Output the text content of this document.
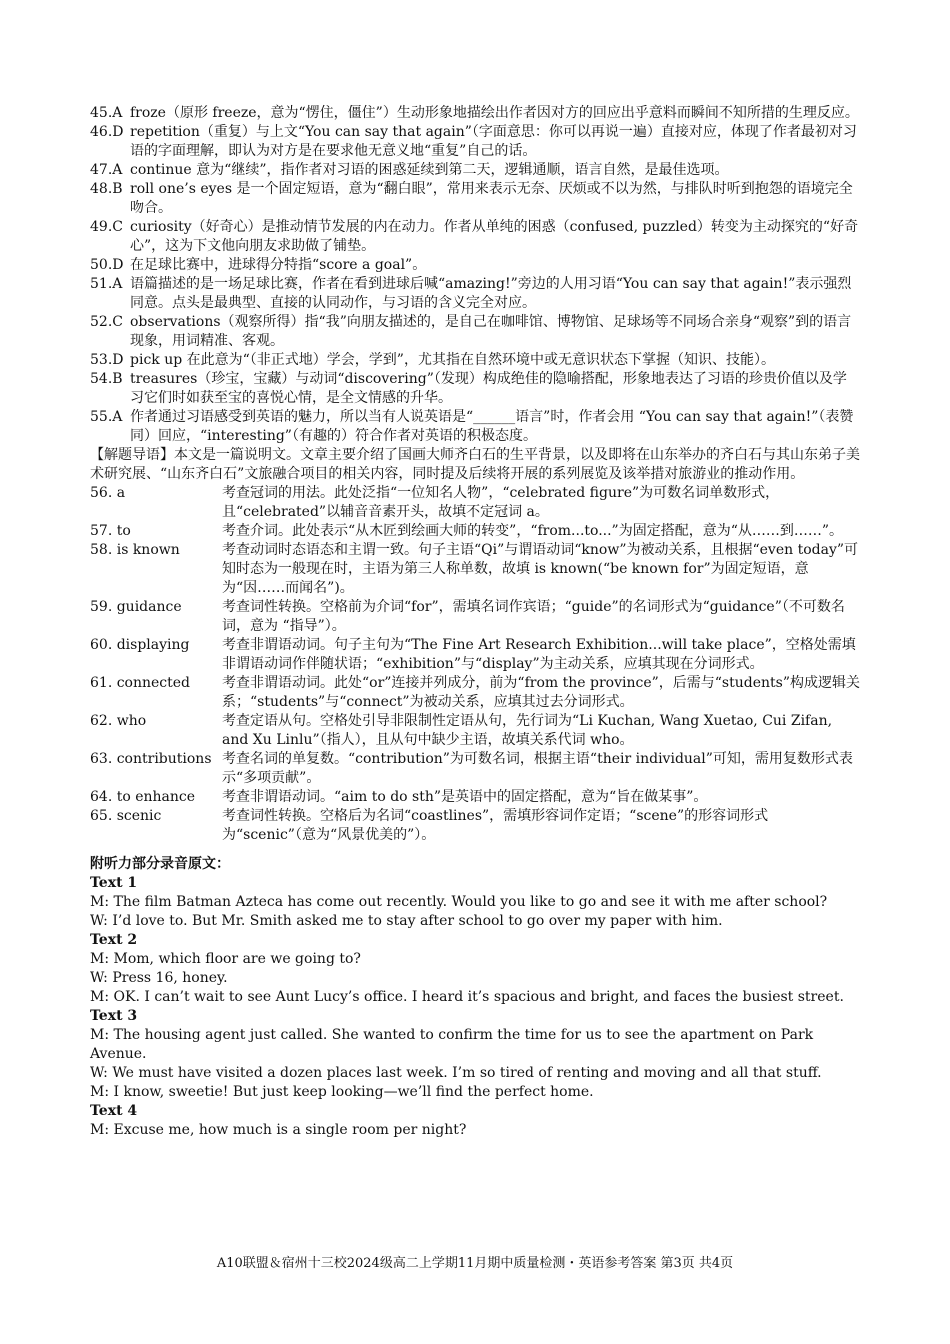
45.A froze（原形 freeze，意为“愣住，僵住”）生动形象地描绘出作者因对方的回应出乎意料而瞬间不知所措的生理反应。
46.D repetition（重复）与上文“You can say that again”（字面意思：你可以再说一遍）直接对应，体现了作者最初对习语的字面理解，即认为对方是在要求他无意义地“重复”自己的话。
47.A continue 意为“继续”，指作者对习语的困惑延续到第二天，逻辑通顺，语言自然，是最佳选项。
48.B roll one’s eyes 是一个固定短语，意为“翻白眼”，常用来表示无奈、厌烦或不以为然，与排队时听到抱怨的语境完全吻合。
49.C curiosity（好奇心）是推动情节发展的内在动力。作者从单纯的困惑（confused, puzzled）转变为主动探究的“好奇心”，这为下文他向朋友求助做了铺垫。
50.D 在足球比赛中，进球得分特指“score a goal”。
51.A 语篇描述的是一场足球比赛，作者在看到进球后喊“amazing!”旁边的人用习语“You can say that again!”表示强烈同意。点头是最典型、直接的认同动作，与习语的含义完全对应。
52.C observations（观察所得）指“我”向朋友描述的，是自己在咖啡馆、博物馆、足球场等不同场合亲身“观察”到的语言现象，用词精准、客观。
53.D pick up 在此意为“（非正式地）学会，学到”，尤其指在自然环境中或无意识状态下掌握（知识、技能）。
54.B treasures（珍宝，宝藏）与动词“discovering”（发现）构成绝佳的隐喻搭配，形象地表达了习语的珍贵价值以及学习它们时如获至宝的喜悦心情，是全文情感的升华。
55.A 作者通过习语感受到英语的魅力，所以当有人说英语是“______语言”时，作者会用 “You can say that again!”（表赞同）回应，“interesting”（有趣的）符合作者对英语的积极态度。
【解题导语】本文是一篇说明文。文章主要介绍了国画大师齐白石的生平背景，以及即将在山东举办的齐白石与其山东弟子美术研究展、“山东齐白石”文旅融合项目的相关内容，同时提及后续将开展的系列展览及该举措对旅游业的推动作用。
56. a	考查冠词的用法。此处泛指“一位知名人物”，“celebrated figure”为可数名词单数形式，且“celebrated”以辅音音素开头，故填不定冠词 a。
57. to	考查介词。此处表示“从木匠到绘画大师的转变”，“from...to...”为固定搭配，意为“从……到……”。
58. is known	考查动词时态语态和主谓一致。句子主语“Qi”与谓语动词“know”为被动关系，且根据“even today”可知时态为一般现在时，主语为第三人称单数，故填 is known(“be known for”为固定短语，意为“因……而闻名”)。
59. guidance	考查词性转换。空格前为介词“for”，需填名词作宾语；“guide”的名词形式为“guidance”（不可数名词，意为 “指导”）。
60. displaying	考查非谓语动词。句子主句为“The Fine Art Research Exhibition...will take place”，空格处需填非谓语动词作伴随状语；“exhibition”与“display”为主动关系，应填其现在分词形式。
61. connected	考查非谓语动词。此处“or”连接并列成分，前为“from the province”，后需与“students”构成逻辑关系；“students”与“connect”为被动关系，应填其过去分词形式。
62. who	考查定语从句。空格处引导非限制性定语从句，先行词为“Li Kuchan, Wang Xuetao, Cui Zifan, and Xu Linlu”（指人），且从句中缺少主语，故填关系代词 who。
63. contributions 考查名词的单复数。“contribution”为可数名词，根据主语“their individual”可知，需用复数形式表示“多项贡献”。
64. to enhance	考查非谓语动词。“aim to do sth”是英语中的固定搭配，意为“旨在做某事”。
65. scenic	考查词性转换。空格后为名词“coastlines”，需填形容词作定语；“scene”的形容词形式为“scenic”（意为“风景优美的”）。
附听力部分录音原文：
Text 1
M: The film Batman Azteca has come out recently. Would you like to go and see it with me after school?
W: I’d love to. But Mr. Smith asked me to stay after school to go over my paper with him.
Text 2
M: Mom, which floor are we going to?
W: Press 16, honey.
M: OK. I can’t wait to see Aunt Lucy’s office. I heard it’s spacious and bright, and faces the busiest street.
Text 3
M: The housing agent just called. She wanted to confirm the time for us to see the apartment on Park Avenue.
W: We must have visited a dozen places last week. I’m so tired of renting and moving and all that stuff.
M: I know, sweetie! But just keep looking—we’ll find the perfect home.
Text 4
M: Excuse me, how much is a single room per night?
A10联盟＆宿州十三校2024级高二上学期11月期中质量检测・英语参考答案 第3页 共4页
